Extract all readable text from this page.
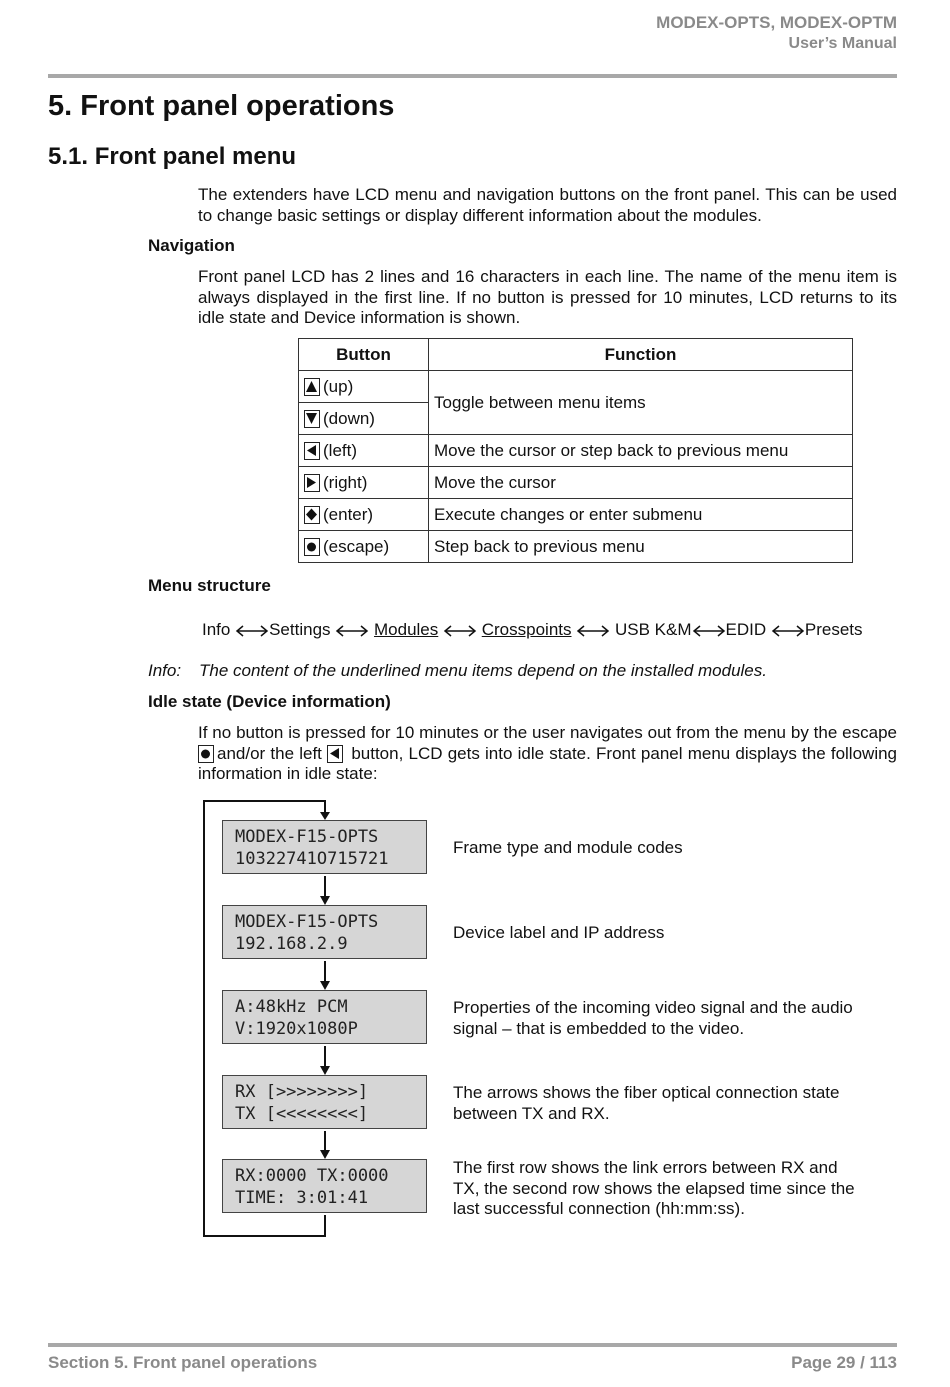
MODEX-OPTS, MODEX-OPTM
User’s Manual
5. Front panel operations
5.1. Front panel menu

The extenders have LCD menu and navigation buttons on the front panel. This can be used to change basic settings or display different information about the modules.

Navigation

Front panel LCD has 2 lines and 16 characters in each line. The name of the menu item is always displayed in the first line. If no button is pressed for 10 minutes, LCD returns to its idle state and Device information is shown.

Button	Function

(up)	Toggle between menu items

(down)	

(left)	Move the cursor or step back to previous menu

(right)	Move the cursor

(enter)	Execute changes or enter submenu

(escape)	Step back to previous menu
Menu structure
Info Settings	Modules	Crosspoints	USB K&M EDID Presets
Info: The content of the underlined menu items depend on the installed modules.
Idle state (Device information)

If no button is pressed for 10 minutes or the user navigates out from the menu by the escape
and/or the left button, LCD gets into idle state. Front panel menu displays the following information in idle state:

MODEX-F15-OPTS
10322741O715721
Frame type and module codes
MODEX-F15-OPTS
192.168.2.9
Device label and IP address
A:48kHz PCM
V:1920x1080P
Properties of the incoming video signal and the audio signal – that is embedded to the video.
RX [>>>>>>>>]
TX [<<<<<<<<]
The arrows shows the fiber optical connection state between TX and RX.
RX:0000 TX:0000
TIME: 3:01:41
The first row shows the link errors between RX and TX, the second row shows the elapsed time since the last successful connection (hh:mm:ss).
Section 5. Front panel operations	Page 29 / 113
